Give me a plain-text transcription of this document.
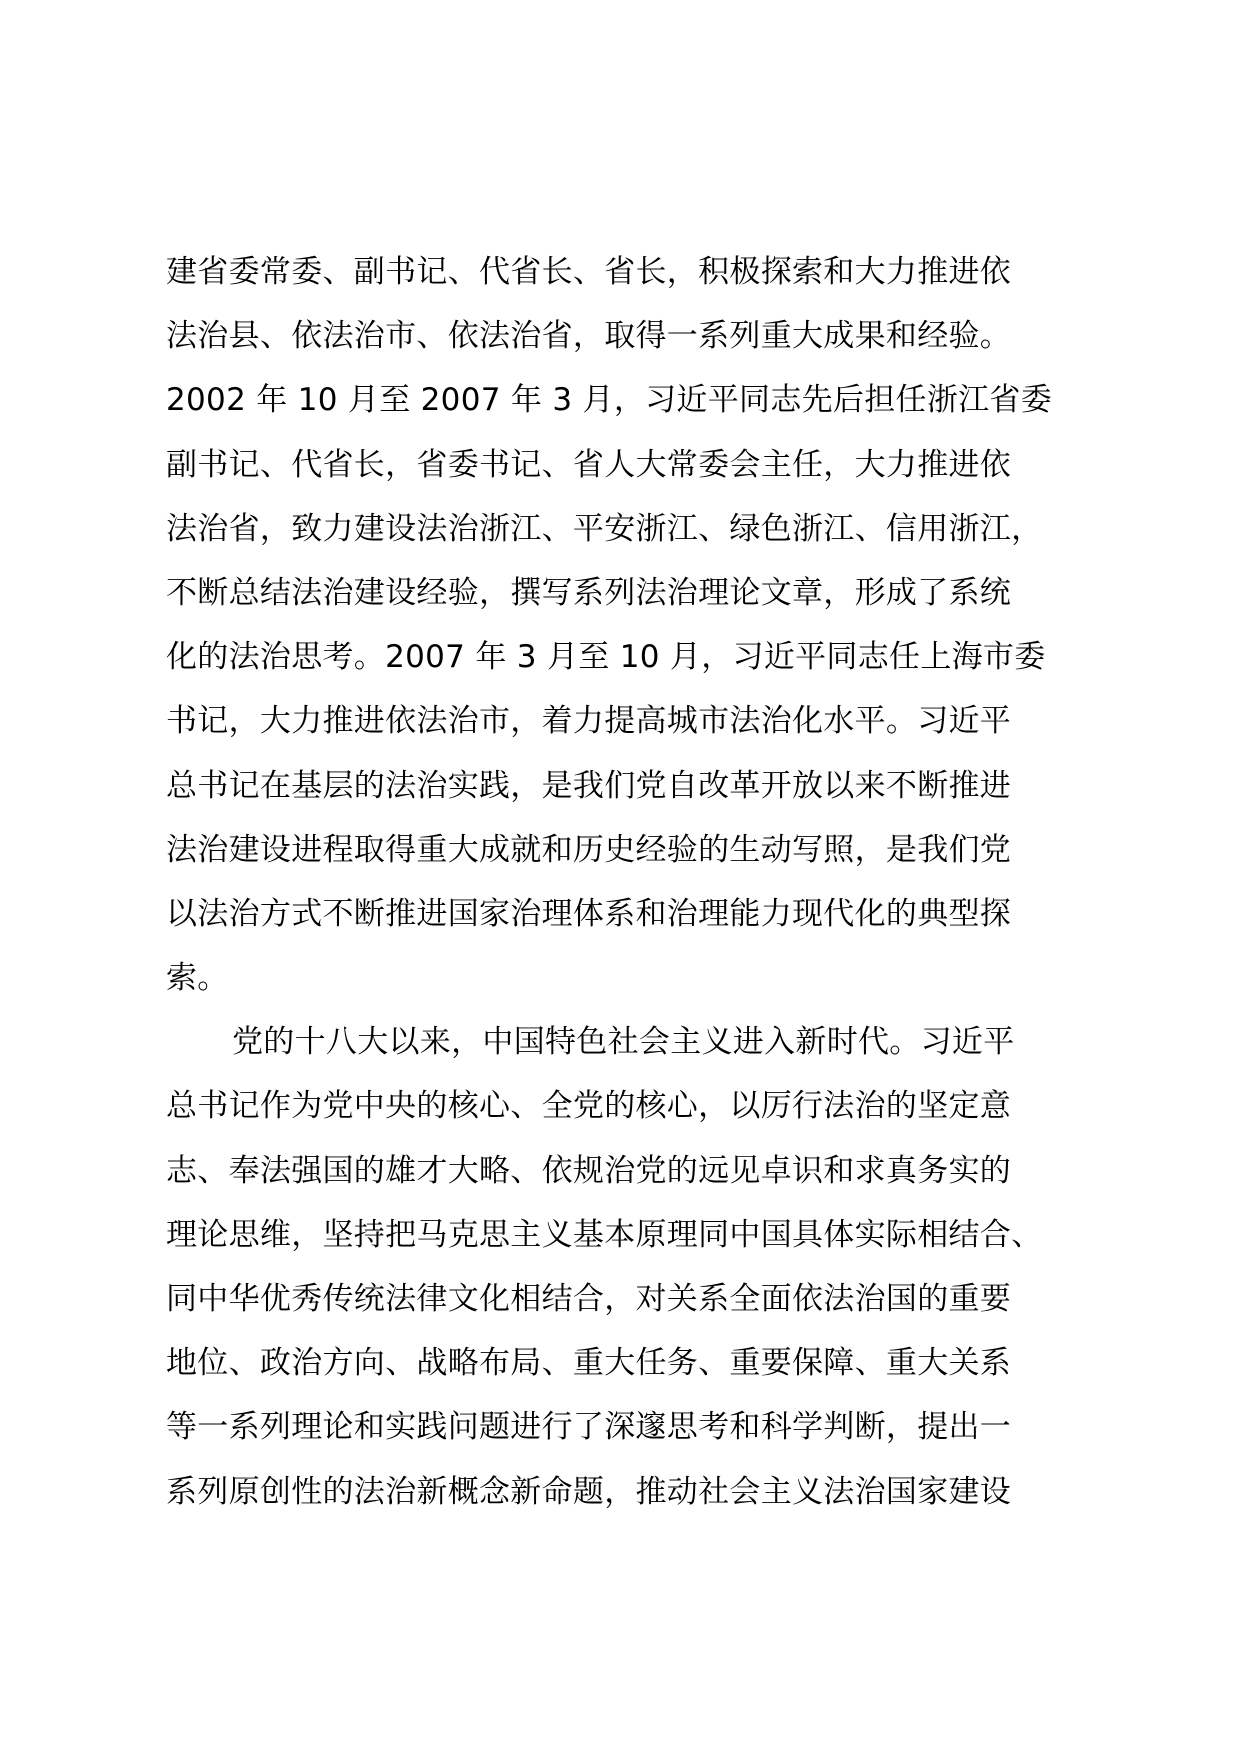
建省委常委、副书记、代省长、省长，积极探索和大力推进依
法治县、依法治市、依法治省，取得一系列重大成果和经验。
2002 年 10 月至 2007 年 3 月，习近平同志先后担任浙江省委
副书记、代省长，省委书记、省人大常委会主任，大力推进依
法治省，致力建设法治浙江、平安浙江、绿色浙江、信用浙江，
不断总结法治建设经验，撰写系列法治理论文章，形成了系统
化的法治思考。2007 年 3 月至 10 月，习近平同志任上海市委
书记，大力推进依法治市，着力提高城市法治化水平。习近平
总书记在基层的法治实践，是我们党自改革开放以来不断推进
法治建设进程取得重大成就和历史经验的生动写照，是我们党
以法治方式不断推进国家治理体系和治理能力现代化的典型探
索。
党的十八大以来，中国特色社会主义进入新时代。习近平
总书记作为党中央的核心、全党的核心，以厉行法治的坚定意
志、奉法强国的雄才大略、依规治党的远见卓识和求真务实的
理论思维，坚持把马克思主义基本原理同中国具体实际相结合、
同中华优秀传统法律文化相结合，对关系全面依法治国的重要
地位、政治方向、战略布局、重大任务、重要保障、重大关系
等一系列理论和实践问题进行了深邃思考和科学判断，提出一
系列原创性的法治新概念新命题，推动社会主义法治国家建设
